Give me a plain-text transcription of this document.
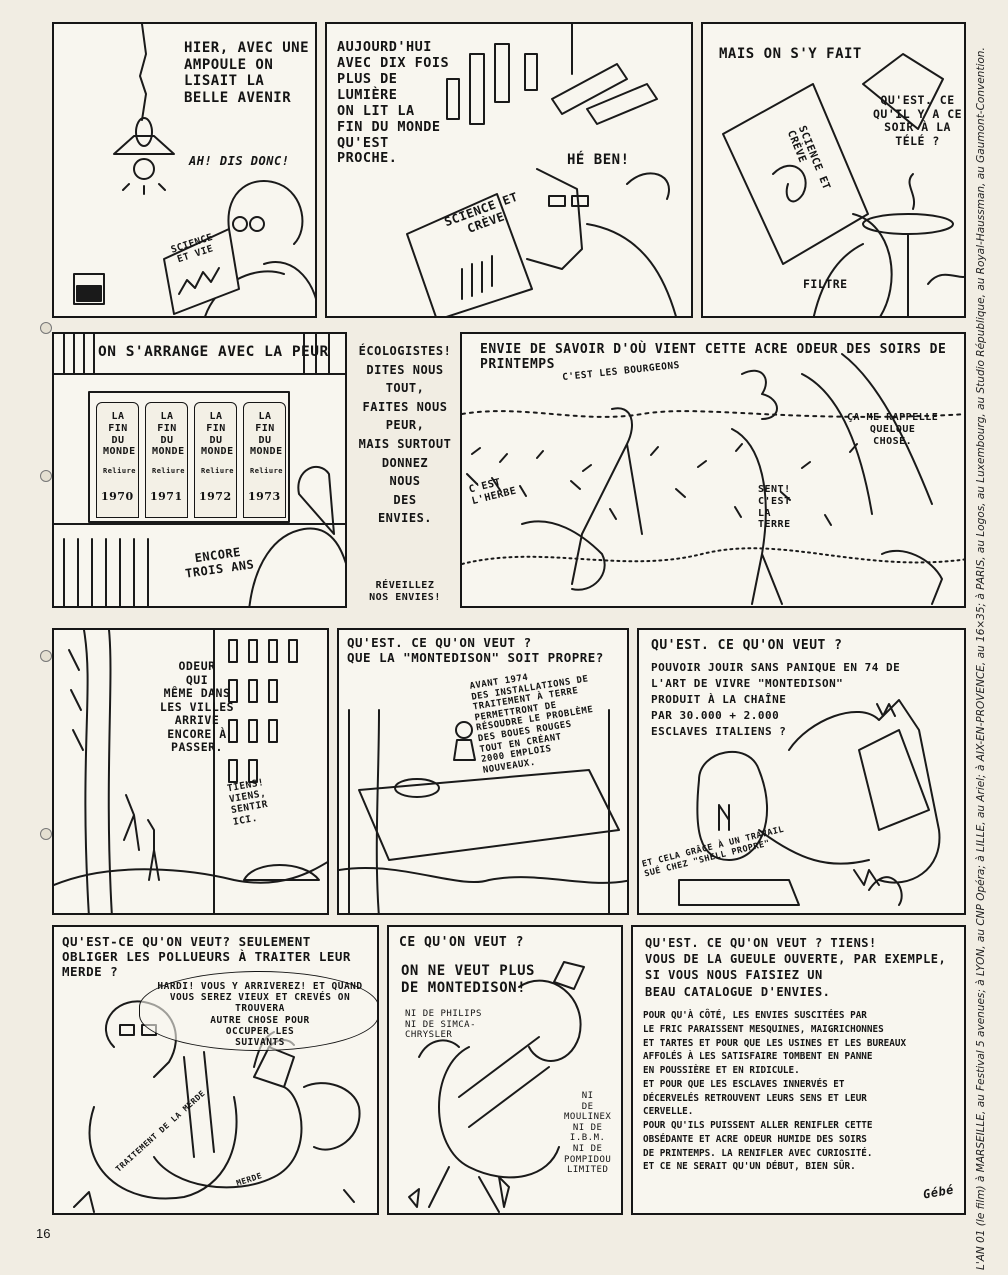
HIER, AVEC UNE
AMPOULE ON
LISAIT LA
BELLE AVENIR
AH! DIS DONC!
SCIENCE
ET VIE
AUJOURD'HUI
AVEC DIX FOIS
PLUS DE
LUMIÈRE
ON LIT LA
FIN DU MONDE
QU'EST
PROCHE.	HÉ BEN!
SCIENCE ET
CRÈVE
MAIS ON S'Y FAIT
QU'EST. CE
QU'IL Y A CE
SOIR À LA
TÉLÉ ?
SCIENCE ET
CRÈVE
FILTRE
ON S'ARRANGE AVEC LA PEUR
LA
FIN
DU
MONDE
Reliure
1970
LA
FIN
DU
MONDE
Reliure
1971
LA
FIN
DU
MONDE
Reliure
1972
LA
FIN
DU
MONDE
Reliure
1973
ENCORE
TROIS ANS
ÉCOLOGISTES!
DITES NOUS
TOUT,
FAITES NOUS
PEUR,
MAIS SURTOUT
DONNEZ
NOUS
DES
ENVIES.
RÉVEILLEZ
NOS ENVIES!
ENVIE DE SAVOIR D'OÙ VIENT CETTE ACRE ODEUR DES SOIRS DE
PRINTEMPS C'EST LES BOURGEONS
C'EST
L'HERBE
ÇA ME RAPPELLE
QUELQUE
CHOSE.
SENT!
C'EST
LA
TERRE
ODEUR
QUI
MÊME DANS
LES VILLES
ARRIVE
ENCORE À
PASSER.
TIENS!
VIENS,
SENTIR
ICI.
QU'EST. CE QU'ON VEUT ?
QUE LA "MONTEDISON" SOIT PROPRE?
AVANT 1974
DES INSTALLATIONS DE
TRAITEMENT À TERRE
PERMETTRONT DE
RÉSOUDRE LE PROBLÈME
DES BOUES ROUGES
TOUT EN CRÉANT
2000 EMPLOIS
NOUVEAUX.
QU'EST. CE QU'ON VEUT ?
POUVOIR JOUIR SANS PANIQUE EN 74 DE
L'ART DE VIVRE "MONTEDISON"
PRODUIT À LA CHAÎNE
PAR 30.000 + 2.000
ESCLAVES ITALIENS ?
ET CELA GRÂCE À UN TRAVAIL
SUÉ CHEZ "SHELL PROPRE"
QU'EST-CE QU'ON VEUT? SEULEMENT
OBLIGER LES POLLUEURS À TRAITER LEUR
MERDE ?
HARDI! VOUS Y ARRIVEREZ! ET QUAND
VOUS SEREZ VIEUX ET CREVÉS ON TROUVERA
AUTRE CHOSE POUR
OCCUPER LES
SUIVANTS
TRAITEMENT DE LA MERDE
MERDE
CE QU'ON VEUT ?
ON NE VEUT PLUS
DE MONTEDISON!
NI DE PHILIPS
NI DE SIMCA-
CHRYSLER
NI
DE
MOULINEX
NI DE
I.B.M.
NI DE
POMPIDOU
LIMITED
QU'EST. CE QU'ON VEUT ? TIENS!
VOUS DE LA GUEULE OUVERTE, PAR EXEMPLE,
SI VOUS NOUS FAISIEZ UN
BEAU CATALOGUE D'ENVIES.
POUR QU'À CÔTÉ, LES ENVIES SUSCITÉES PAR
LE FRIC PARAISSENT MESQUINES, MAIGRICHONNES
ET TARTES ET POUR QUE LES USINES ET LES BUREAUX
AFFOLÉS À LES SATISFAIRE TOMBENT EN PANNE
EN POUSSIÈRE ET EN RIDICULE.
ET POUR QUE LES ESCLAVES INNERVÉS ET
DÉCERVELÉS RETROUVENT LEURS SENS ET LEUR
CERVELLE.
POUR QU'ILS PUISSENT ALLER RENIFLER CETTE
OBSÉDANTE ET ACRE ODEUR HUMIDE DES SOIRS
DE PRINTEMPS. LA RENIFLER AVEC CURIOSITÉ.
ET CE NE SERAIT QU'UN DÉBUT, BIEN SÛR.
Gébé L'AN 01 (le film) à MARSEILLE, au Festival 5 avenues; à LYON, au CNP Opéra; à LILLE, au Ariel; à AIX-EN-PROVENCE, au 16×35; à PARIS, au Logos, au Luxembourg, au Studio République, au Royal-Haussman, au Gaumont-Convention.
16
